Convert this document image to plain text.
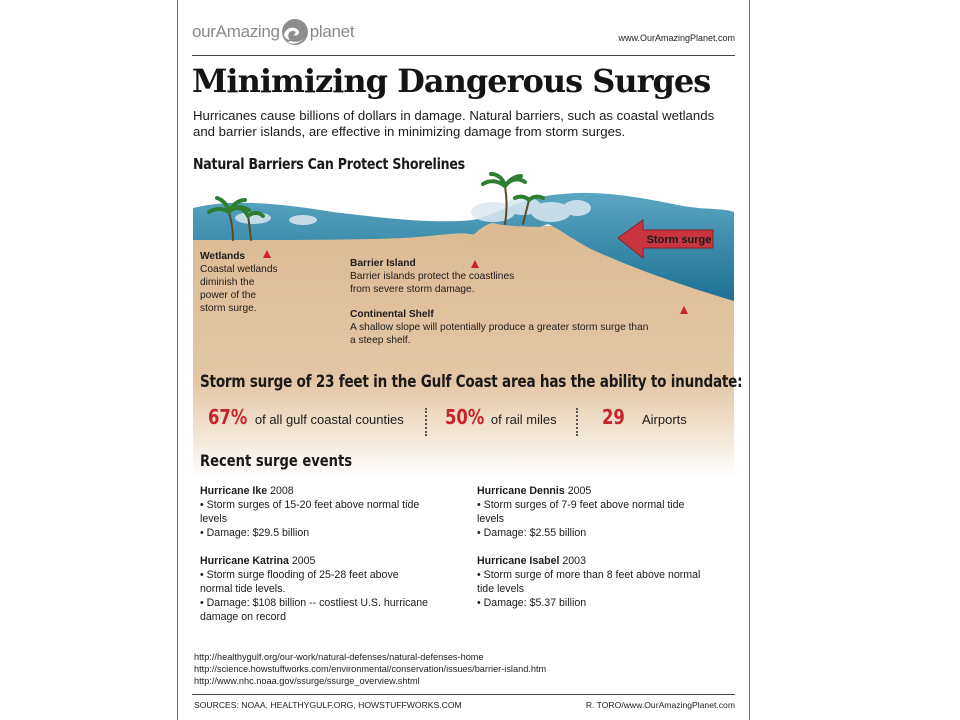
ourAmazing planet	www.OurAmazingPlanet.com
Minimizing Dangerous Surges
Hurricanes cause billions of dollars in damage. Natural barriers, such as coastal wetlands and barrier islands, are effective in minimizing damage from storm surges.
Natural Barriers Can Protect Shorelines
Storm surge
Wetlands
Coastal wetlands
diminish the
power of the
storm surge.
Barrier Island
Barrier islands protect the coastlines
from severe storm damage.
Continental Shelf
A shallow slope will potentially produce a greater storm surge than
a steep shelf.
Storm surge of 23 feet in the Gulf Coast area has the ability to inundate:
67% of all gulf coastal counties 50% of rail miles 29	Airports
Recent surge events
Hurricane Ike 2008
• Storm surges of 15-20 feet above normal tide
levels
• Damage: $29.5 billion
Hurricane Dennis 2005
• Storm surges of 7-9 feet above normal tide
levels
• Damage: $2.55 billion
Hurricane Katrina 2005
• Storm surge flooding of 25-28 feet above
normal tide levels.
• Damage: $108 billion -- costliest U.S. hurricane
damage on record
Hurricane Isabel 2003
• Storm surge of more than 8 feet above normal
tide levels
• Damage: $5.37 billion
http://healthygulf.org/our-work/natural-defenses/natural-defenses-home
http://science.howstuffworks.com/environmental/conservation/issues/barrier-island.htm
http://www.nhc.noaa.gov/ssurge/ssurge_overview.shtml
SOURCES: NOAA, HEALTHYGULF.ORG, HOWSTUFFWORKS.COM	R. TORO/www.OurAmazingPlanet.com
